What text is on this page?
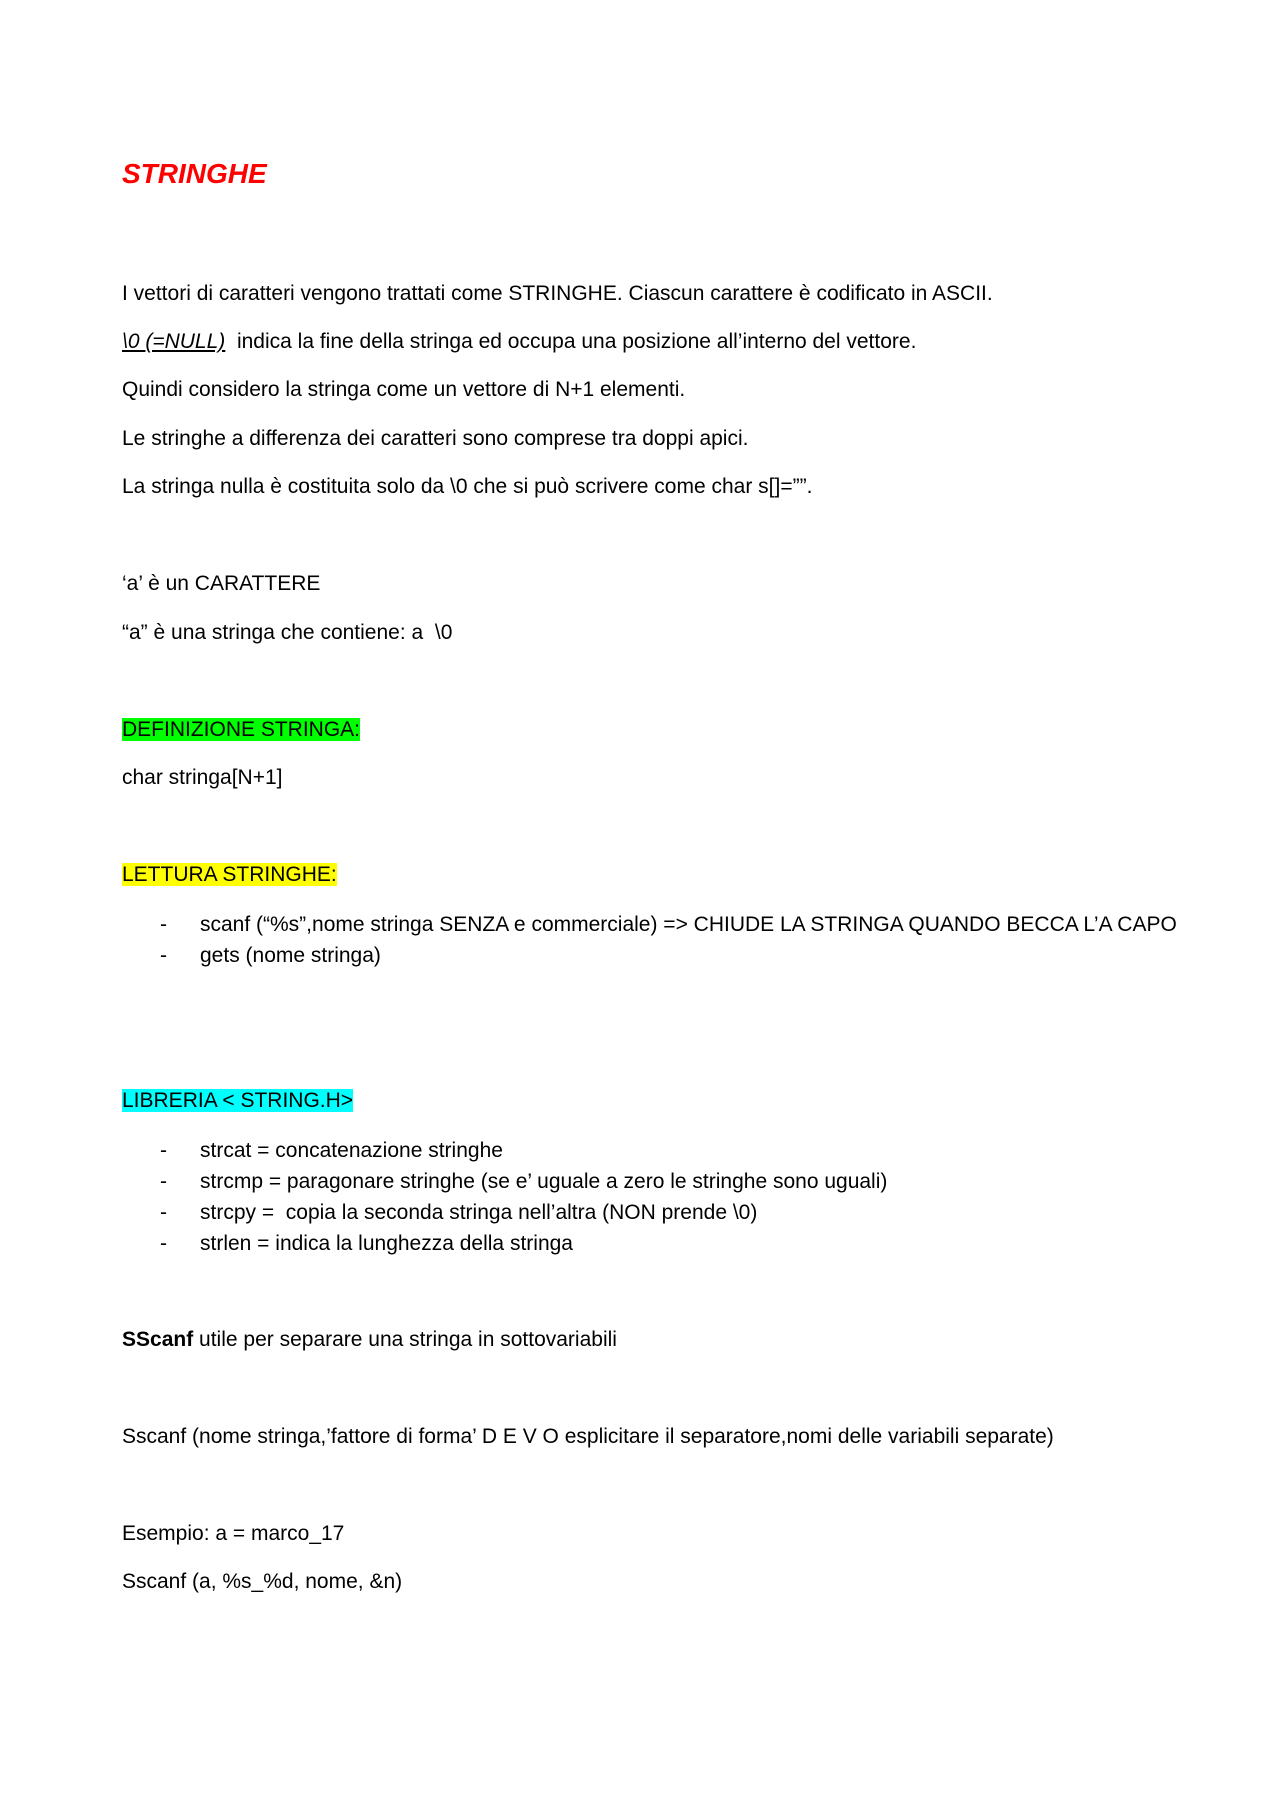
STRINGHE
I vettori di caratteri vengono trattati come STRINGHE. Ciascun carattere è codificato in ASCII.
\0 (=NULL)  indica la fine della stringa ed occupa una posizione all’interno del vettore.
Quindi considero la stringa come un vettore di N+1 elementi.
Le stringhe a differenza dei caratteri sono comprese tra doppi apici.
La stringa nulla è costituita solo da \0 che si può scrivere come char s[]=””.
‘a’ è un CARATTERE
“a” è una stringa che contiene: a  \0
DEFINIZIONE STRINGA:
char stringa[N+1]
LETTURA STRINGHE:
- scanf (“%s”,nome stringa SENZA e commerciale) => CHIUDE LA STRINGA QUANDO BECCA L’A CAPO
- gets (nome stringa)
LIBRERIA < STRING.H>
- strcat = concatenazione stringhe
- strcmp = paragonare stringhe (se e’ uguale a zero le stringhe sono uguali)
- strcpy =  copia la seconda stringa nell’altra (NON prende \0)
- strlen = indica la lunghezza della stringa
SScanf utile per separare una stringa in sottovariabili
Sscanf (nome stringa,’fattore di forma’ D E V O esplicitare il separatore,nomi delle variabili separate)
Esempio: a = marco_17
Sscanf (a, %s_%d, nome, &n)
